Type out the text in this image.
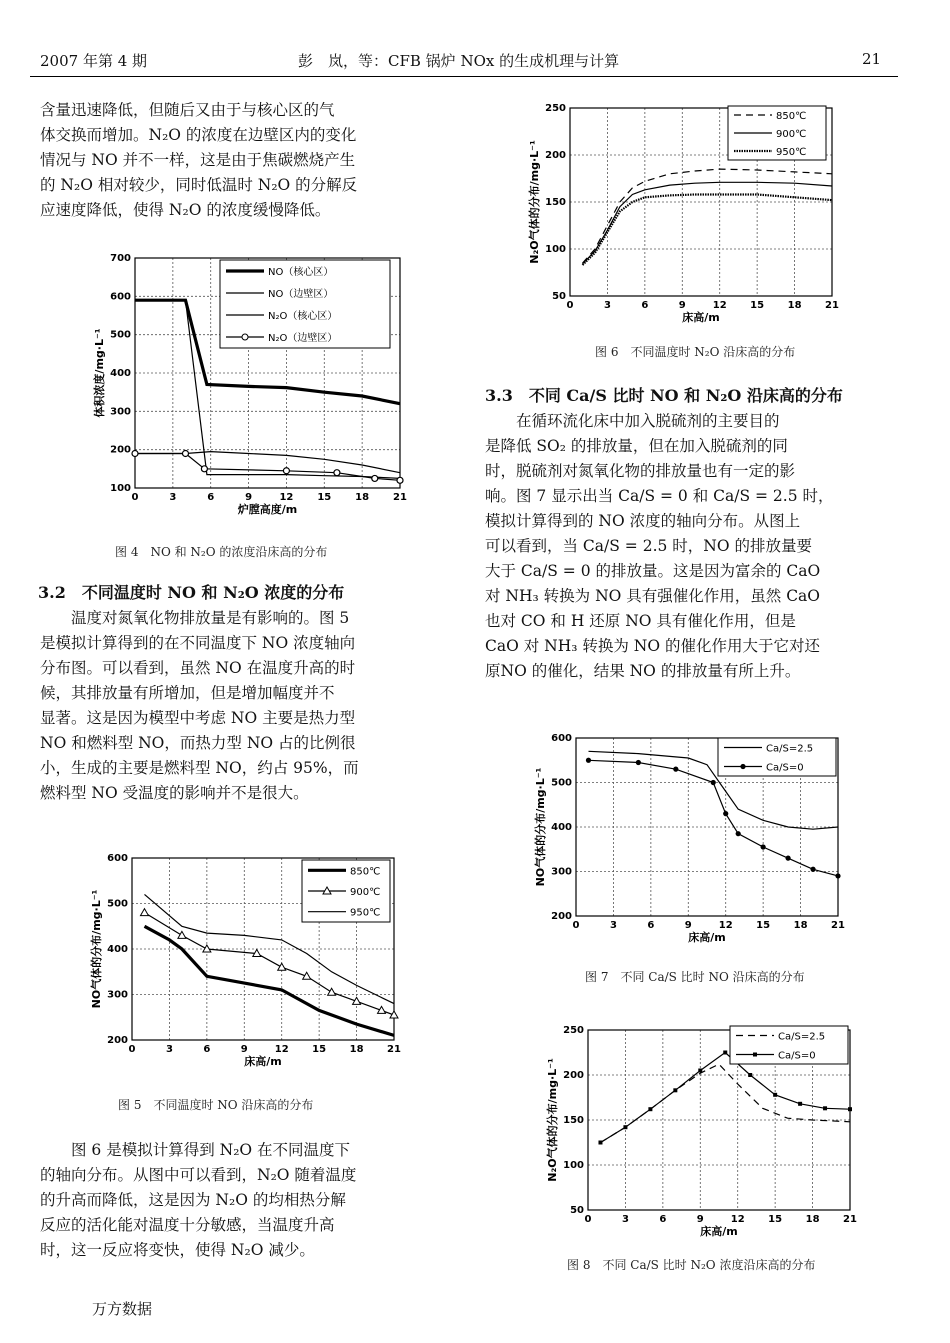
2007 年第 4 期	彭　岚，等：CFB 锅炉 NOx 的生成机理与计算	21
含量迅速降低，但随后又由于与核心区的气
体交换而增加。N₂O 的浓度在边壁区内的变化
情况与 NO 并不一样，这是由于焦碳燃烧产生
的 N₂O 相对较少，同时低温时 N₂O 的分解反
应速度降低，使得 N₂O 的浓度缓慢降低。
图 4　NO 和 N₂O 的浓度沿床高的分布
3.2　不同温度时 NO 和 N₂O 浓度的分布
　　温度对氮氧化物排放量是有影响的。图 5
是模拟计算得到的在不同温度下 NO 浓度轴向
分布图。可以看到，虽然 NO 在温度升高的时
候，其排放量有所增加，但是增加幅度并不
显著。这是因为模型中考虑 NO 主要是热力型
NO 和燃料型 NO，而热力型 NO 占的比例很
小，生成的主要是燃料型 NO，约占 95%，而
燃料型 NO 受温度的影响并不是很大。
图 5　不同温度时 NO 沿床高的分布
　　图 6 是模拟计算得到 N₂O 在不同温度下
的轴向分布。从图中可以看到，N₂O 随着温度
的升高而降低，这是因为 N₂O 的均相热分解
反应的活化能对温度十分敏感，当温度升高
时，这一反应将变快，使得 N₂O 减少。
图 6　不同温度时 N₂O 沿床高的分布
3.3　不同 Ca/S 比时 NO 和 N₂O 沿床高的分布
　　在循环流化床中加入脱硫剂的主要目的
是降低 SO₂ 的排放量，但在加入脱硫剂的同
时，脱硫剂对氮氧化物的排放量也有一定的影
响。图 7 显示出当 Ca/S = 0 和 Ca/S = 2.5 时，
模拟计算得到的 NO 浓度的轴向分布。从图上
可以看到，当 Ca/S = 2.5 时，NO 的排放量要
大于 Ca/S = 0 的排放量。这是因为富余的 CaO
对 NH₃ 转换为 NO 具有强催化作用，虽然 CaO
也对 CO 和 H 还原 NO 具有催化作用，但是
CaO 对 NH₃ 转换为 NO 的催化作用大于它对还
原NO 的催化，结果 NO 的排放量有所上升。
图 7　不同 Ca/S 比时 NO 沿床高的分布
图 8　不同 Ca/S 比时 N₂O 浓度沿床高的分布
0	3	6	9	12 15 18 21
100
200
300
400
500
600
700
炉膛高度/m
体积浓度/mg·L⁻¹
NO（核心区）
NO（边壁区）
N₂O（核心区）
N₂O（边壁区）
0	3	6	9	12 15 18 21
200
300
400
500
600
床高/m
NO气体的分布/mg·L⁻¹
850℃
900℃
950℃
0	3	6	9	12 15 18 21
50
100
150
200
250
床高/m
N₂O气体的分布/mg·L⁻¹
850℃
900℃
950℃
0	3	6	9	12 15 18 21
200
300
400
500
600
床高/m
NO气体的分布/mg·L⁻¹
Ca/S=2.5
Ca/S=0
0	3	6	9	12 15 18 21
50
100
150
200
250
床高/m
N₂O气体的分布/mg·L⁻¹
Ca/S=2.5
Ca/S=0
万方数据
